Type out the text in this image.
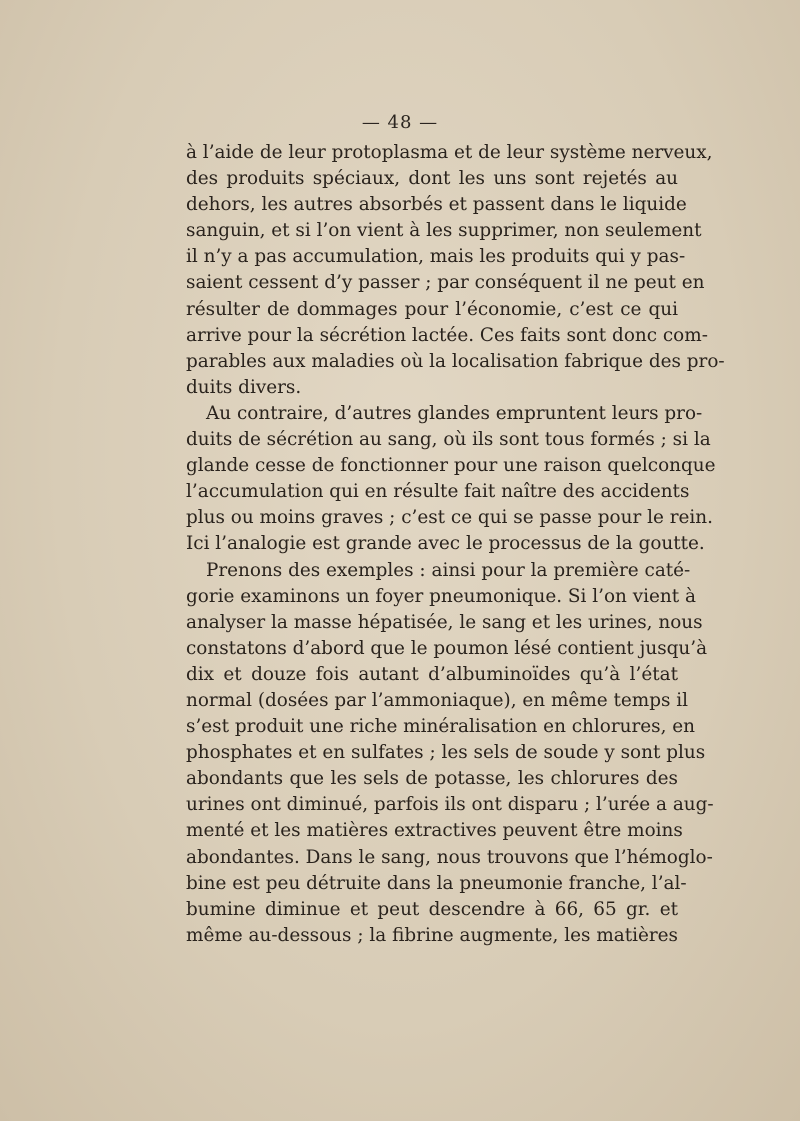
— 48 —
à l’aide de leur protoplasma et de leur système nerveux,
des produits spéciaux, dont les uns sont rejetés au
dehors, les autres absorbés et passent dans le liquide
sanguin, et si l’on vient à les supprimer, non seulement
il n’y a pas accumulation, mais les produits qui y pas-
saient cessent d’y passer ; par conséquent il ne peut en
résulter de dommages pour l’économie, c’est ce qui
arrive pour la sécrétion lactée. Ces faits sont donc com-
parables aux maladies où la localisation fabrique des pro-
duits divers.
Au contraire, d’autres glandes empruntent leurs pro-
duits de sécrétion au sang, où ils sont tous formés ; si la
glande cesse de fonctionner pour une raison quelconque
l’accumulation qui en résulte fait naître des accidents
plus ou moins graves ; c’est ce qui se passe pour le rein.
Ici l’analogie est grande avec le processus de la goutte.
Prenons des exemples : ainsi pour la première caté-
gorie examinons un foyer pneumonique. Si l’on vient à
analyser la masse hépatisée, le sang et les urines, nous
constatons d’abord que le poumon lésé contient jusqu’à
dix et douze fois autant d’albuminoïdes qu’à l’état
normal (dosées par l’ammoniaque), en même temps il
s’est produit une riche minéralisation en chlorures, en
phosphates et en sulfates ; les sels de soude y sont plus
abondants que les sels de potasse, les chlorures des
urines ont diminué, parfois ils ont disparu ; l’urée a aug-
menté et les matières extractives peuvent être moins
abondantes. Dans le sang, nous trouvons que l’hémoglo-
bine est peu détruite dans la pneumonie franche, l’al-
bumine diminue et peut descendre à 66, 65 gr. et
même au-dessous ; la fibrine augmente, les matières
